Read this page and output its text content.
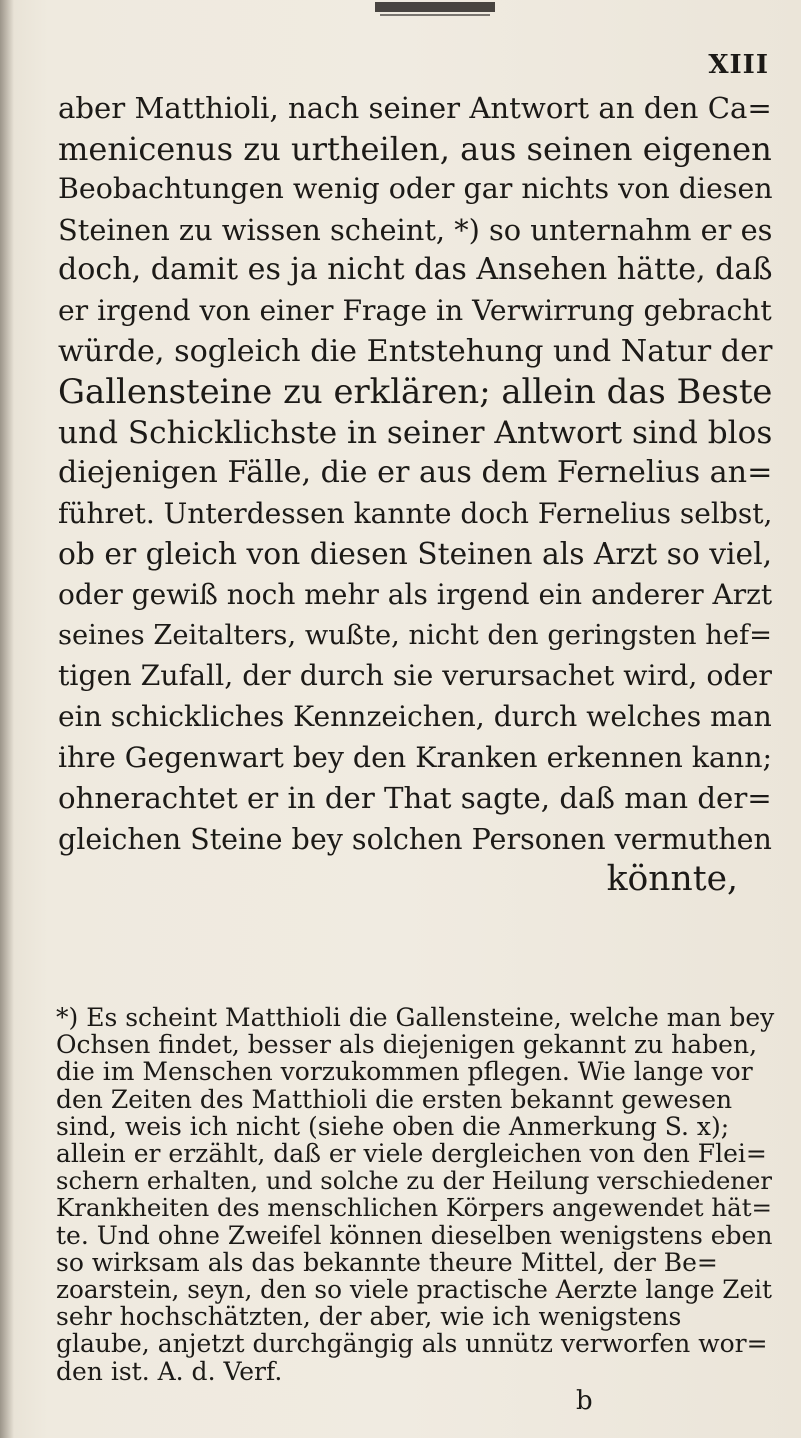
XIII
aber Matthioli, nach seiner Antwort an den Ca=
menicenus zu urtheilen, aus seinen eigenen
Beobachtungen wenig oder gar nichts von diesen
Steinen zu wissen scheint, *) so unternahm er es
doch, damit es ja nicht das Ansehen hätte, daß
er irgend von einer Frage in Verwirrung gebracht
würde, sogleich die Entstehung und Natur der
Gallensteine zu erklären; allein das Beste
und Schicklichste in seiner Antwort sind blos
diejenigen Fälle, die er aus dem Fernelius an=
führet. Unterdessen kannte doch Fernelius selbst,
ob er gleich von diesen Steinen als Arzt so viel,
oder gewiß noch mehr als irgend ein anderer Arzt
seines Zeitalters, wußte, nicht den geringsten hef=
tigen Zufall, der durch sie verursachet wird, oder
ein schickliches Kennzeichen, durch welches man
ihre Gegenwart bey den Kranken erkennen kann;
ohnerachtet er in der That sagte, daß man der=
gleichen Steine bey solchen Personen vermuthen
könnte,
*) Es scheint Matthioli die Gallensteine, welche man bey
Ochsen findet, besser als diejenigen gekannt zu haben,
die im Menschen vorzukommen pflegen. Wie lange vor
den Zeiten des Matthioli die ersten bekannt gewesen
sind, weis ich nicht (siehe oben die Anmerkung S. x);
allein er erzählt, daß er viele dergleichen von den Flei=
schern erhalten, und solche zu der Heilung verschiedener
Krankheiten des menschlichen Körpers angewendet hät=
te. Und ohne Zweifel können dieselben wenigstens eben
so wirksam als das bekannte theure Mittel, der Be=
zoarstein, seyn, den so viele practische Aerzte lange Zeit
sehr hochschätzten, der aber, wie ich wenigstens
glaube, anjetzt durchgängig als unnütz verworfen wor=
den ist. A. d. Verf.
b
